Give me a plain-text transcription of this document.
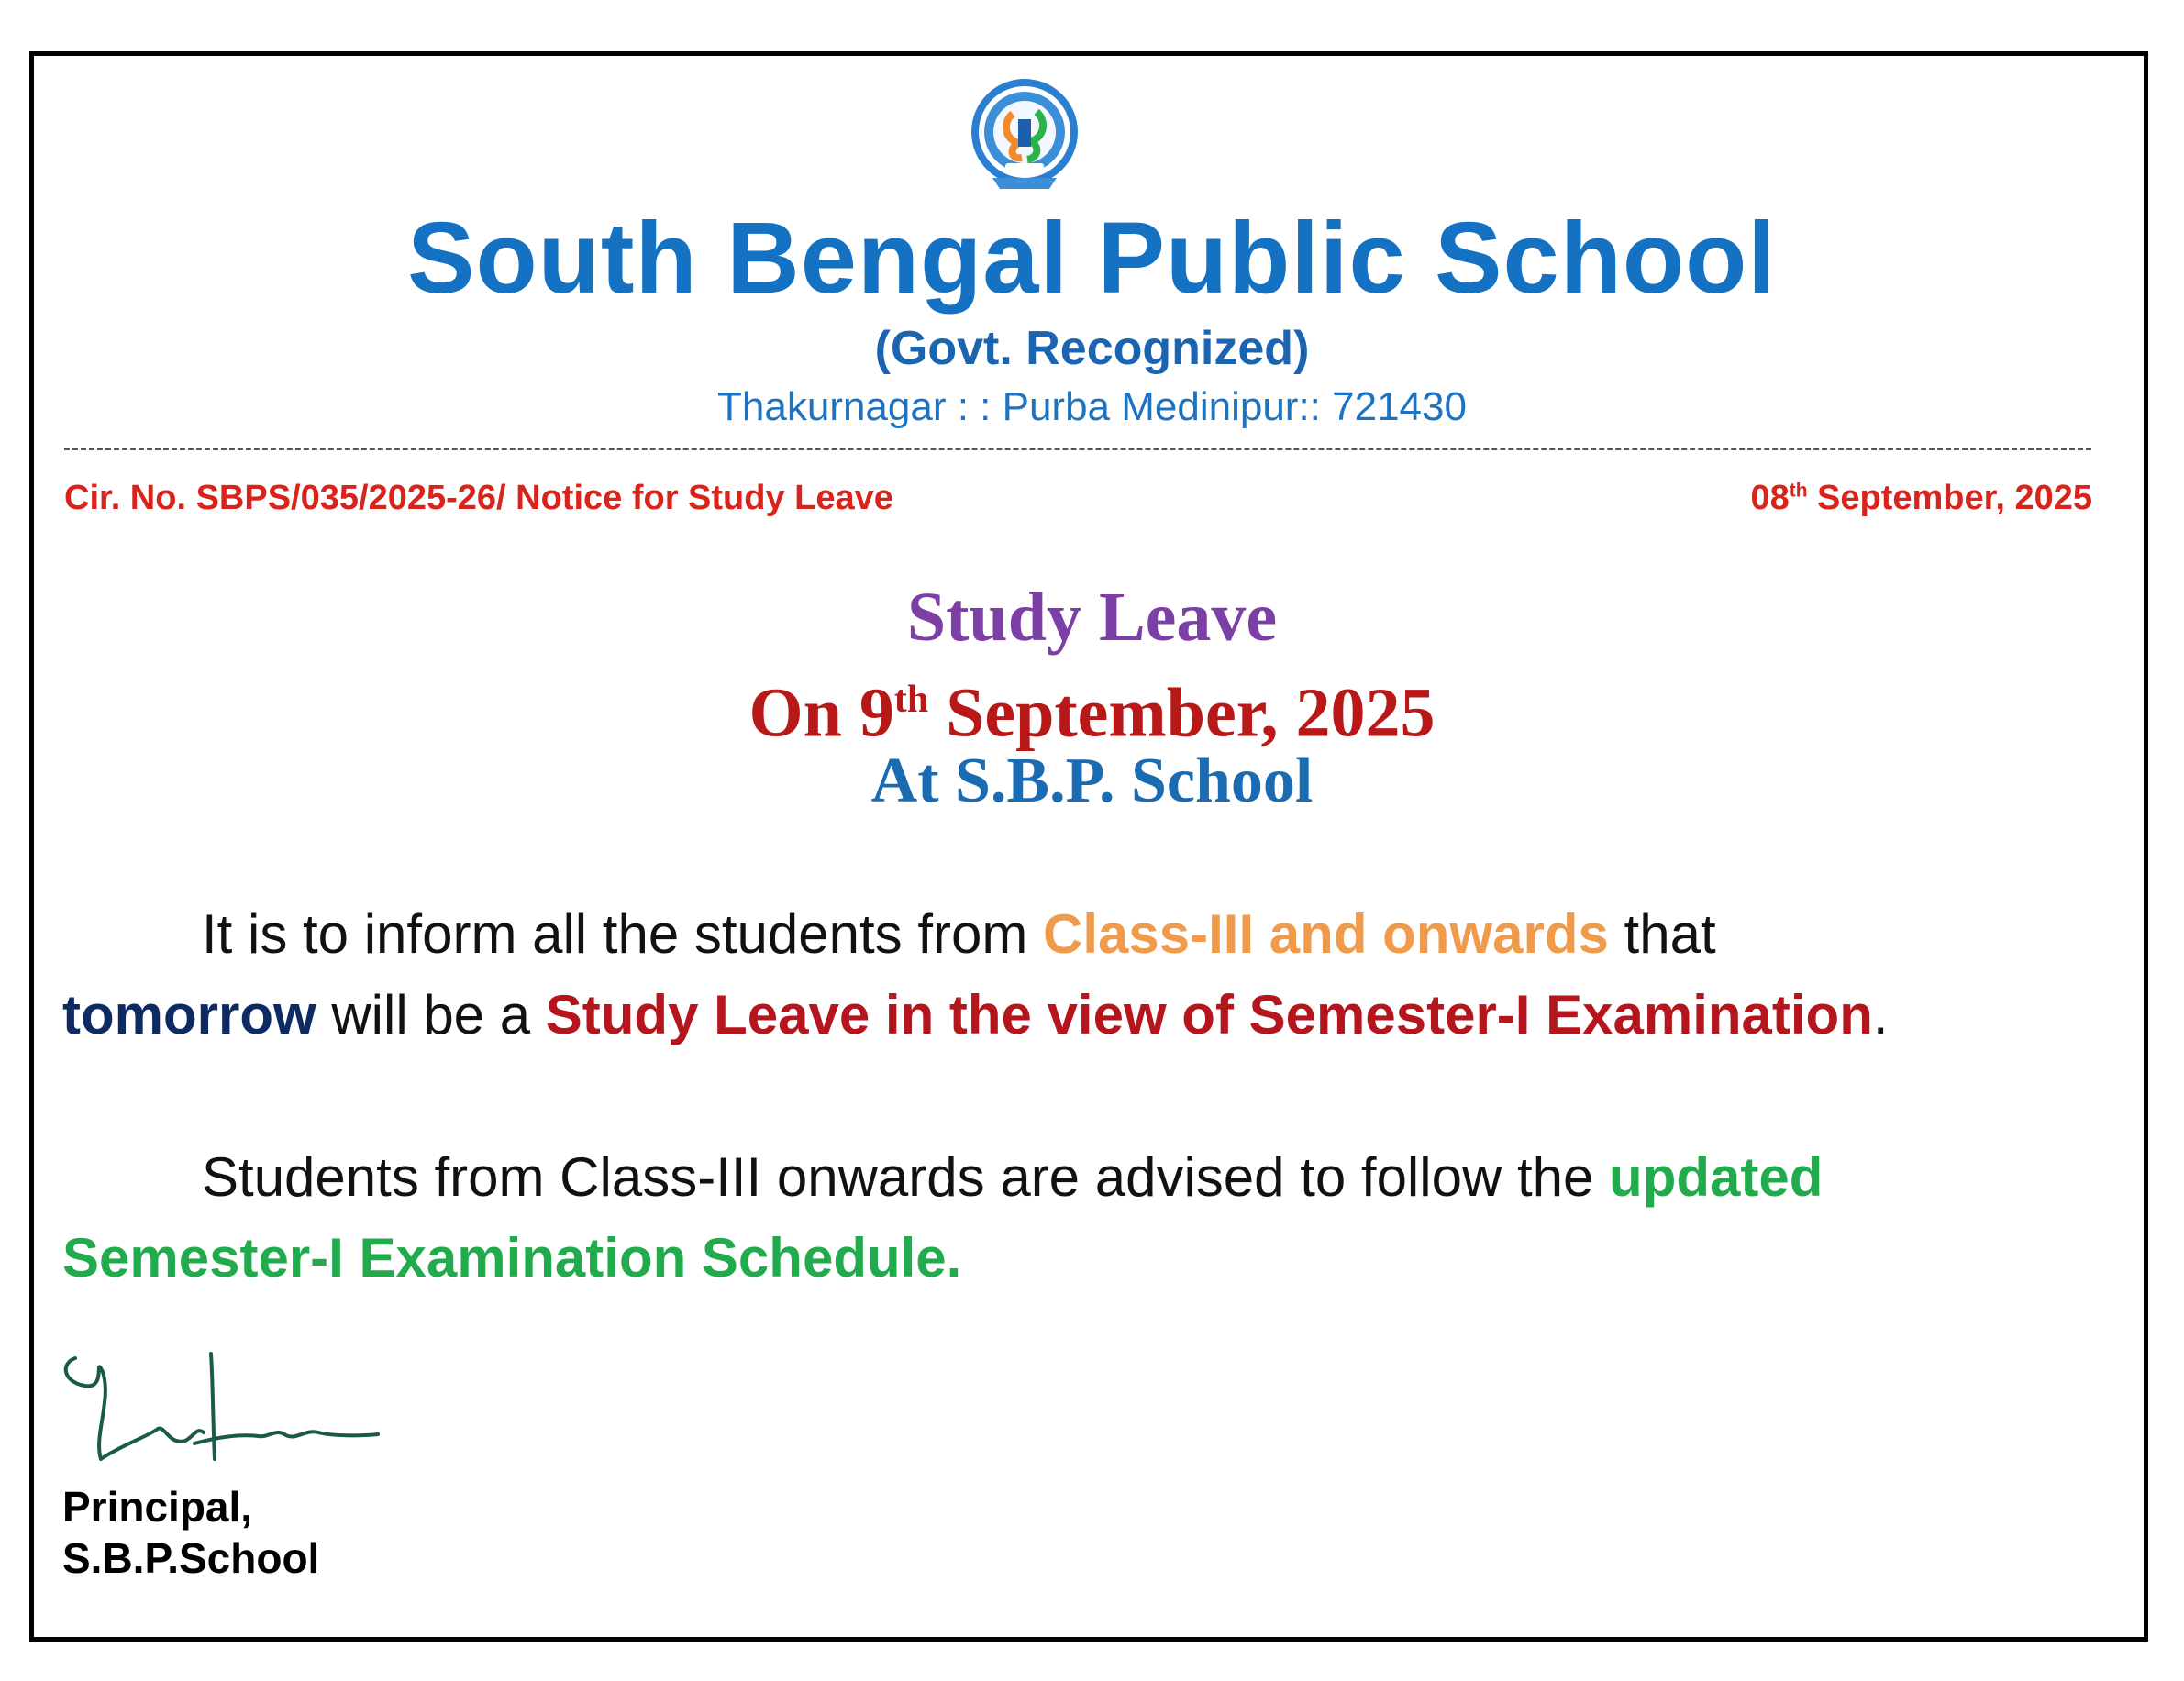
South Bengal Public School
(Govt. Recognized)
Thakurnagar : : Purba Medinipur:: 721430
Cir. No. SBPS/035/2025-26/ Notice for Study Leave	08th September, 2025
Study Leave
On 9th September, 2025
At S.B.P. School
It is to inform all the students from Class-III and onwards that
tomorrow will be a Study Leave in the view of Semester-I Examination.
Students from Class-III onwards are advised to follow the updated
Semester-I Examination Schedule.
Principal,
S.B.P.School
